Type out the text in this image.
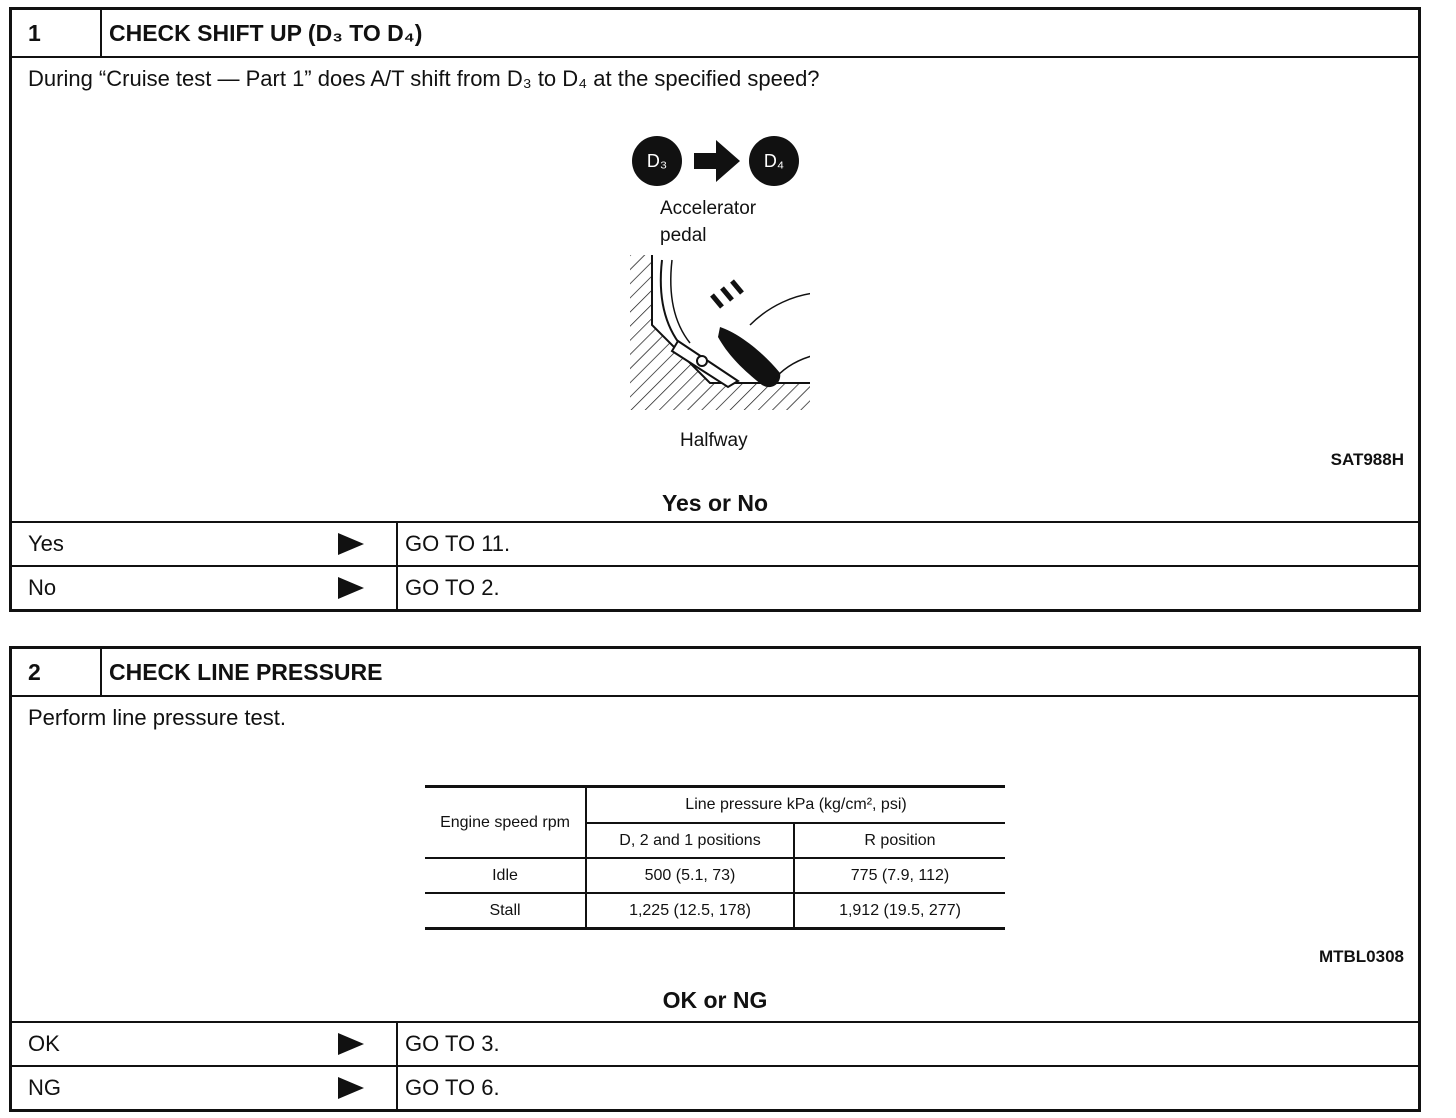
1	CHECK SHIFT UP (D₃ TO D₄)
During “Cruise test — Part 1” does A/T shift from D₃ to D₄ at the specified speed?
D₃	D₄
Accelerator
pedal
Halfway
SAT988H
Yes or No
Yes	GO TO 11.
No	GO TO 2.
2	CHECK LINE PRESSURE
Perform line pressure test.
Engine speed rpm	Line pressure kPa (kg/cm², psi)	
	D, 2 and 1 positions	R position
Idle	500 (5.1, 73)	775 (7.9, 112)
Stall	1,225 (12.5, 178)	1,912 (19.5, 277)
MTBL0308
OK or NG
OK	GO TO 3.
NG	GO TO 6.
